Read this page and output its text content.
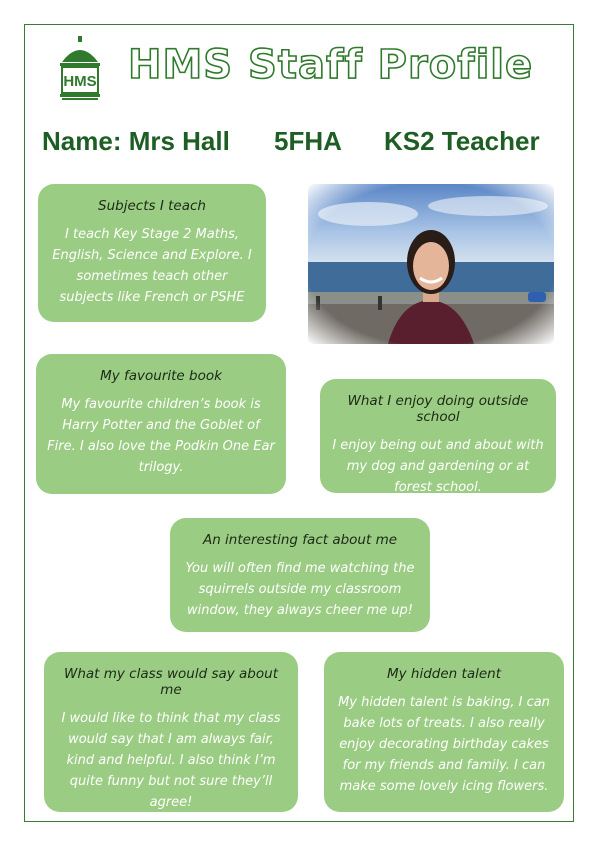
HMS HMS Staff Profile
Name: Mrs Hall 5FHA KS2 Teacher
Subjects I teach

I teach Key Stage 2 Maths, English, Science and Explore. I sometimes teach other subjects like French or PSHE

My favourite book

My favourite children’s book is Harry Potter and the Goblet of Fire. I also love the Podkin One Ear trilogy.

What I enjoy doing outside school

I enjoy being out and about with my dog and gardening or at forest school.

An interesting fact about me

You will often find me watching the squirrels outside my classroom window, they always cheer me up!

What my class would say about me

I would like to think that my class would say that I am always fair, kind and helpful. I also think I’m quite funny but not sure they’ll agree!

My hidden talent

My hidden talent is baking, I can bake lots of treats. I also really enjoy decorating birthday cakes for my friends and family. I can make some lovely icing flowers.
